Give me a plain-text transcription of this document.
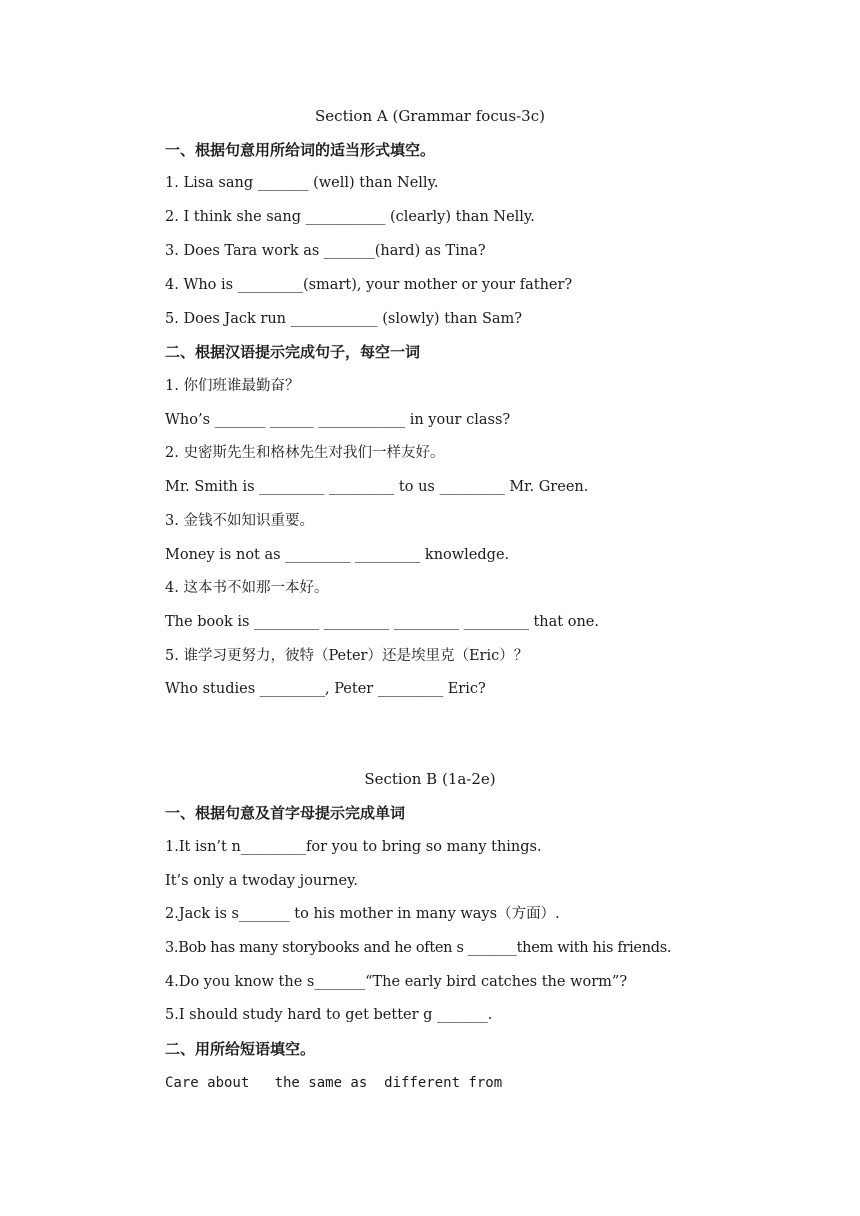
Section A (Grammar focus-3c)
一、根据句意用所给词的适当形式填空。
1. Lisa sang _______ (well) than Nelly.
2. I think she sang ___________ (clearly) than Nelly.
3. Does Tara work as _______(hard) as Tina?
4. Who is _________(smart), your mother or your father?
5. Does Jack run ____________ (slowly) than Sam?
二、根据汉语提示完成句子，每空一词
1. 你们班谁最勤奋？
Who’s _______ ______ ____________ in your class?
2. 史密斯先生和格林先生对我们一样友好。
Mr. Smith is _________ _________ to us _________ Mr. Green.
3. 金钱不如知识重要。
Money is not as _________ _________ knowledge.
4. 这本书不如那一本好。
The book is _________ _________ _________ _________ that one.
5. 谁学习更努力，彼特（Peter）还是埃里克（Eric）？
Who studies _________, Peter _________ Eric?
Section B (1a-2e)
一、根据句意及首字母提示完成单词
1.It isn’t n_________for you to bring so many things.
It’s only a twoday journey.
2.Jack is s_______ to his mother in many ways（方面）.
3.Bob has many storybooks and he often s _______them with his friends.
4.Do you know the s_______“The early bird catches the worm”?
5.I should study hard to get better g _______.
二、用所给短语填空。
Care about   the same as  different from
